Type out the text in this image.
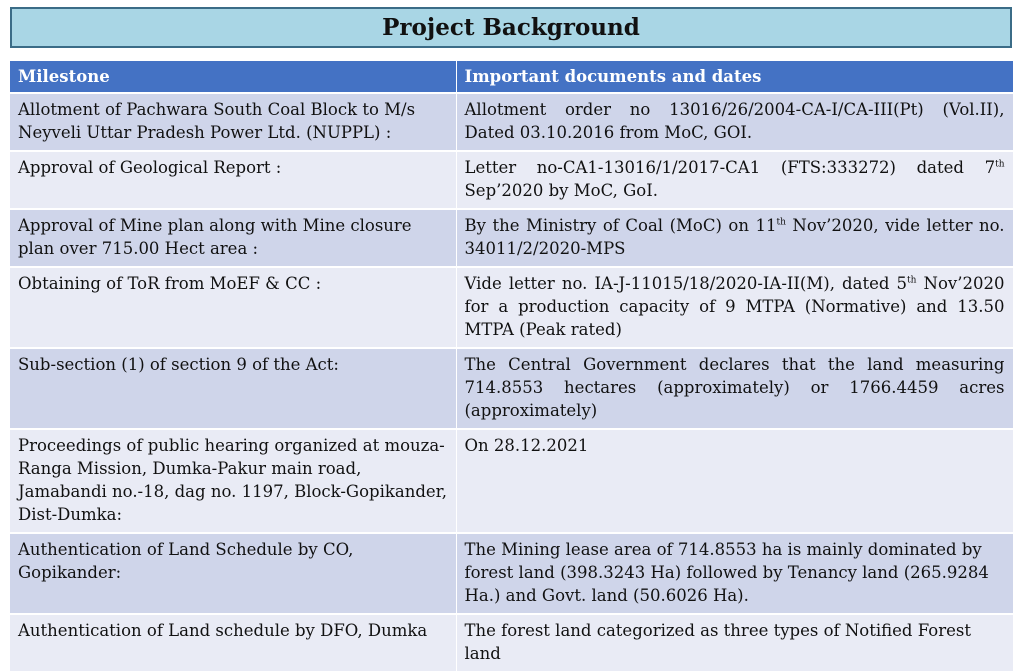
Project Background
Milestone	Important documents and dates
Allotment of Pachwara South Coal Block to M/s Neyveli Uttar Pradesh Power Ltd. (NUPPL) :	Allotment order no 13016/26/2004-CA-I/CA-III(Pt) (Vol.II), Dated 03.10.2016 from MoC, GOI.
Approval of Geological Report :	Letter no-CA1-13016/1/2017-CA1 (FTS:333272) dated 7th Sep’2020 by MoC, GoI.
Approval of Mine plan along with Mine closure plan over 715.00 Hect area :	By the Ministry of Coal (MoC) on 11th Nov’2020, vide letter no. 34011/2/2020-MPS
Obtaining of ToR from MoEF & CC :	Vide letter no. IA-J-11015/18/2020-IA-II(M), dated 5th Nov’2020 for a production capacity of 9 MTPA (Normative) and 13.50 MTPA (Peak rated)
Sub-section (1) of section 9 of the Act:	The Central Government declares that the land measuring 714.8553 hectares (approximately) or 1766.4459 acres (approximately)
Proceedings of public hearing organized at mouza- Ranga Mission, Dumka-Pakur main road, Jamabandi no.-18, dag no. 1197, Block-Gopikander, Dist-Dumka:	On 28.12.2021
Authentication of Land Schedule by CO, Gopikander:	The Mining lease area of 714.8553 ha is mainly dominated by forest land (398.3243 Ha) followed by Tenancy land (265.9284 Ha.) and Govt. land (50.6026 Ha).
Authentication of Land schedule by DFO, Dumka	The forest land categorized as three types of Notified Forest land
